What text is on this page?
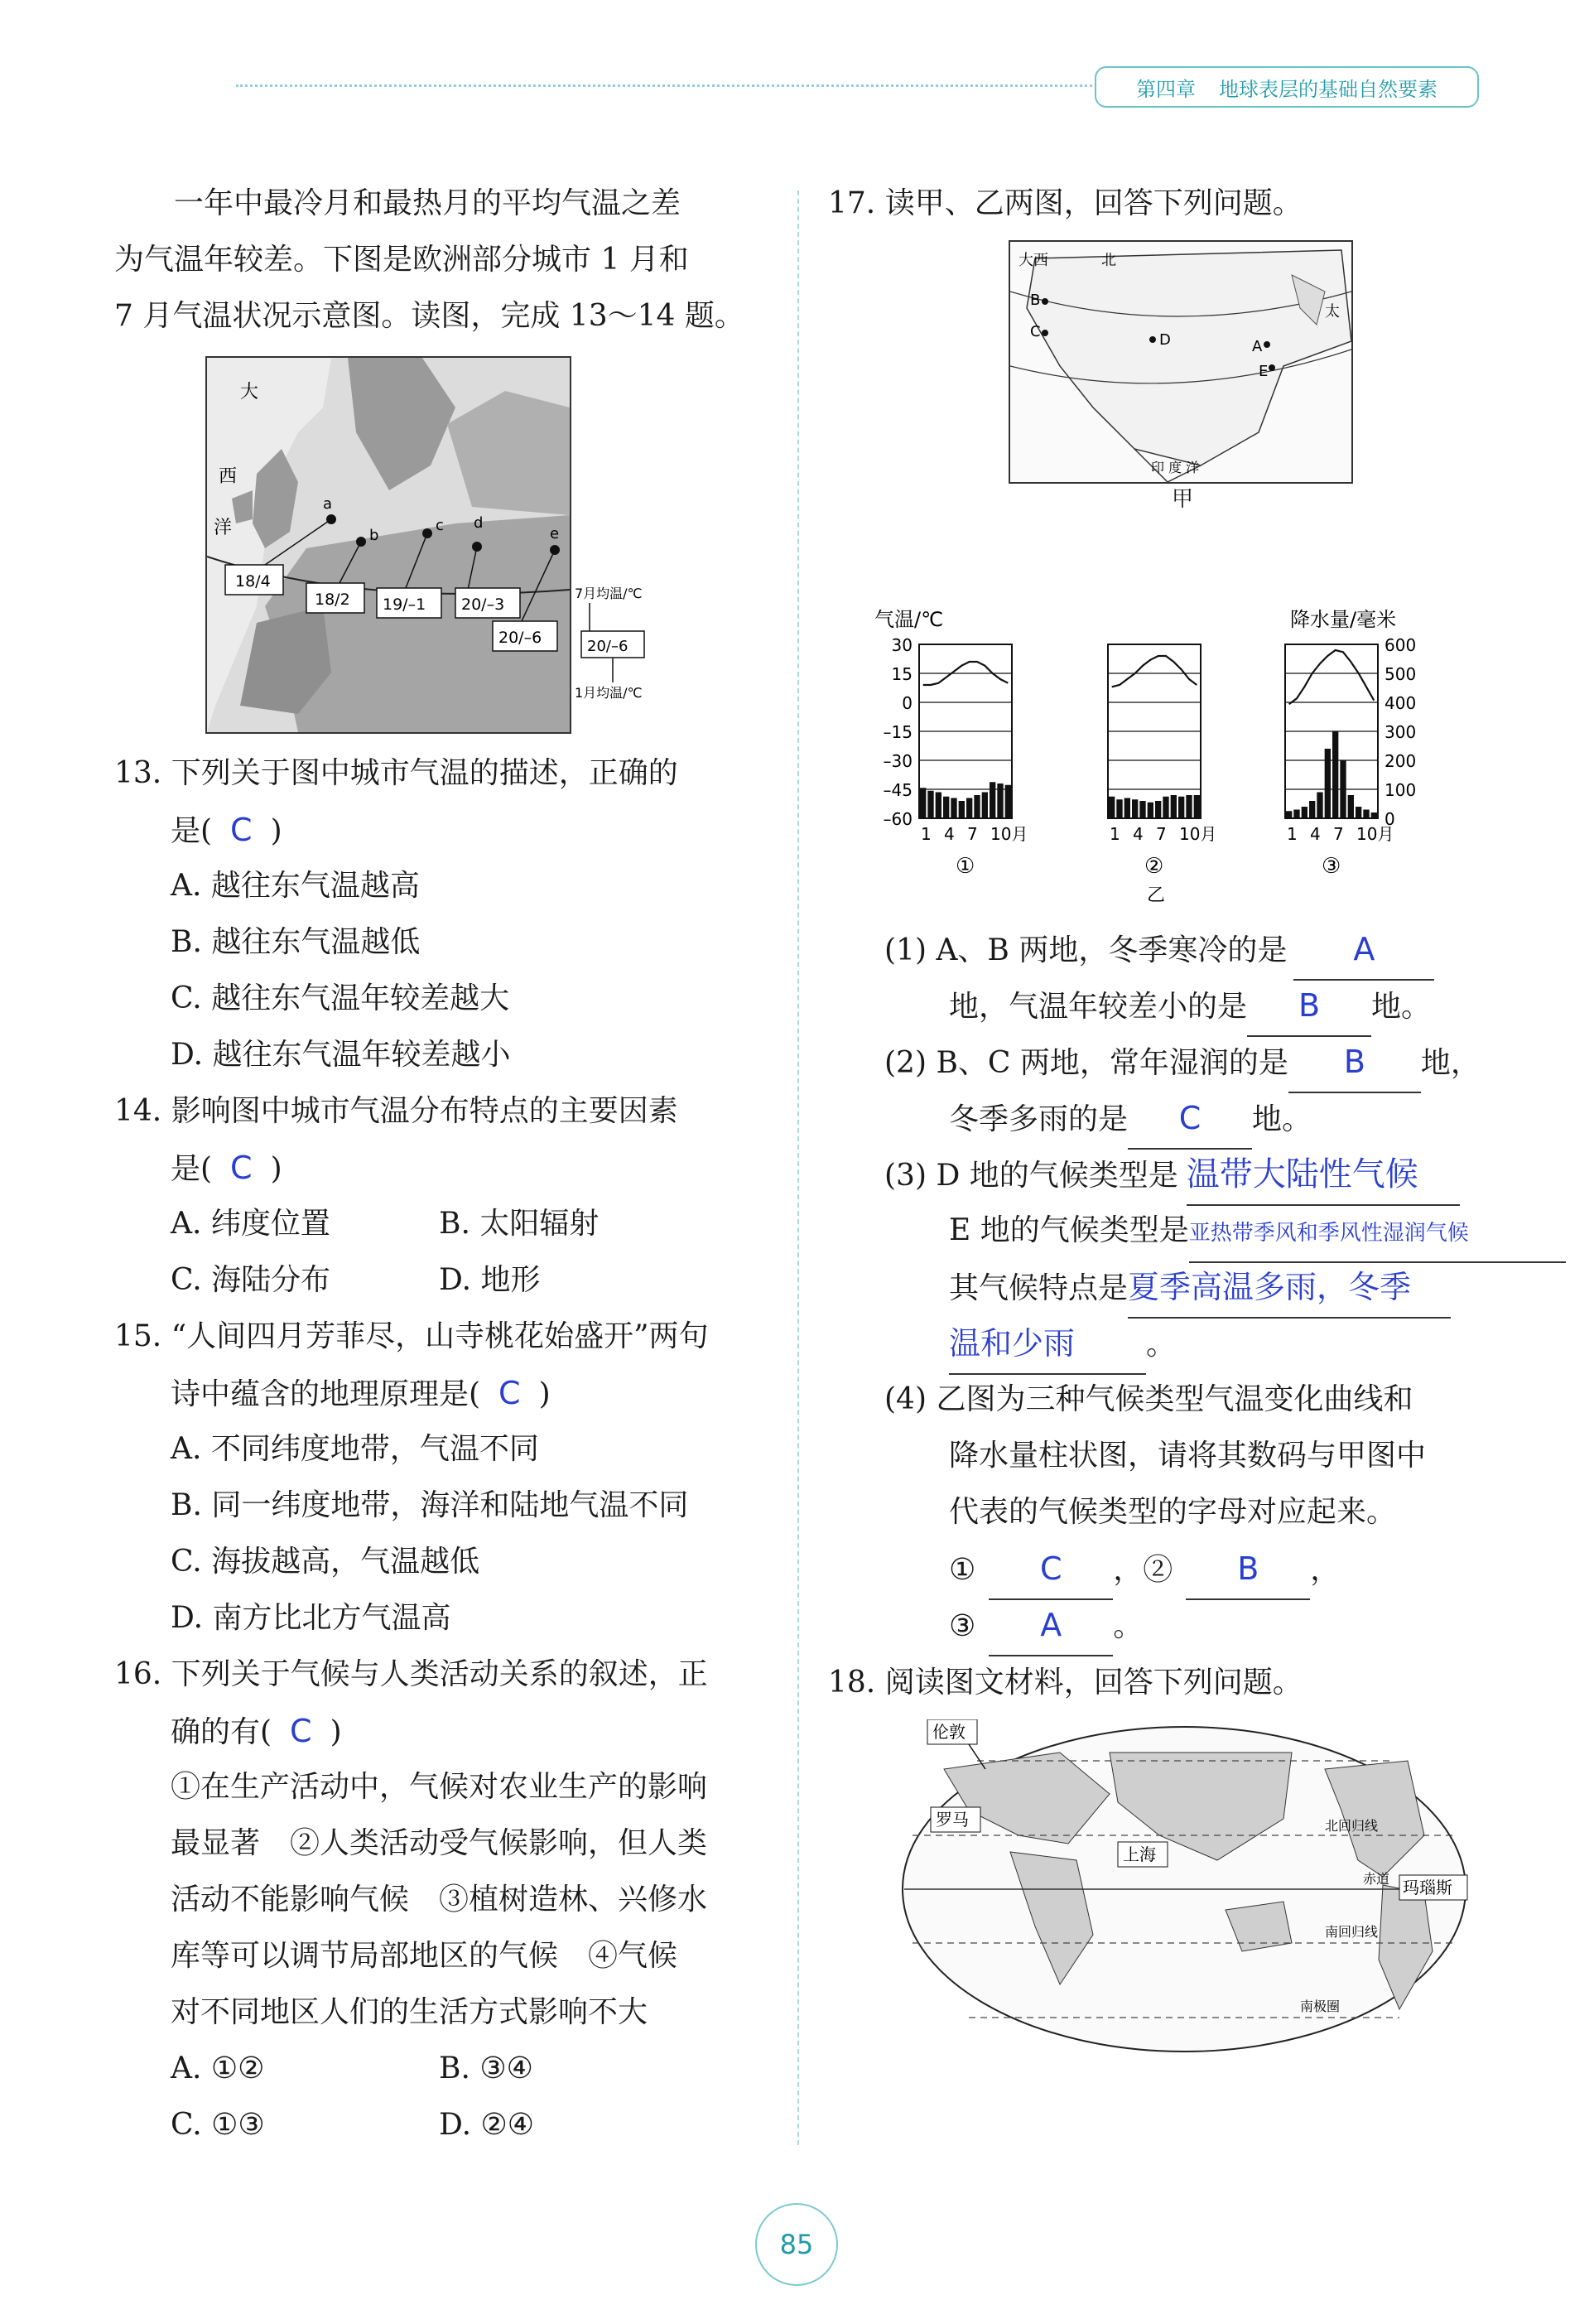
第四章 地球表层的基础自然要素
一年中最冷月和最热月的平均气温之差
为气温年较差。下图是欧洲部分城市 1 月和
7 月气温状况示意图。读图，完成 13～14 题。
大
西
洋
a
b
c d
e
18/4
18/2 19/–1 20/–3
20/–6
7月均温/℃
20/–6
1月均温/℃
13. 下列关于图中城市气温的描述，正确的
是( C )
A. 越往东气温越高
B. 越往东气温越低
C. 越往东气温年较差越大
D. 越往东气温年较差越小
14. 影响图中城市气温分布特点的主要因素
是( C )
A. 纬度位置	B. 太阳辐射
C. 海陆分布	D. 地形
15. “人间四月芳菲尽，山寺桃花始盛开”两句
诗中蕴含的地理原理是( C )
A. 不同纬度地带，气温不同
B. 同一纬度地带，海洋和陆地气温不同
C. 海拔越高，气温越低
D. 南方比北方气温高
16. 下列关于气候与人类活动关系的叙述，正
确的有( C )
①在生产活动中，气候对农业生产的影响
最显著　②人类活动受气候影响，但人类
活动不能影响气候　③植树造林、兴修水
库等可以调节局部地区的气候　④气候
对不同地区人们的生活方式影响不大
A. ①②	B. ③④
C. ①③	D. ②④
17. 读甲、乙两图，回答下列问题。
大西	北
太
印 度 洋
B
C	D	A
E
甲
气温/℃	降水量/毫米
30
15
0
–15
–30
–45
–60
600
500
400
300
200
100
0
1 4 7 10月
①
1 4 7 10月
②
1 4 7 10月
③
乙
(1) A、B 两地，冬季寒冷的是 A
地，气温年较差小的是 B 地。
(2) B、C 两地，常年湿润的是 B 地，
冬季多雨的是 C 地。
(3) D 地的气候类型是 温带大陆性气候
E 地的气候类型是亚热带季风和季风性湿润气候
其气候特点是夏季高温多雨，冬季
温和少雨 。
(4) 乙图为三种气候类型气温变化曲线和
降水量柱状图，请将其数码与甲图中
代表的气候类型的字母对应起来。
① C ，② B ，
③ A 。
18. 阅读图文材料，回答下列问题。
伦敦
罗马
上海
玛瑙斯
北回归线
赤道
南回归线
南极圈
85
